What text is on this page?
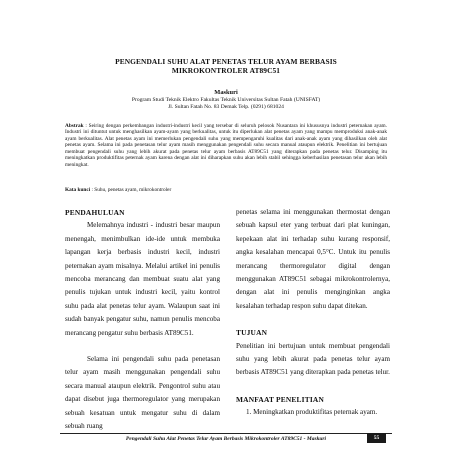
PENGENDALI SUHU ALAT PENETAS TELUR AYAM BERBASIS
MIKROKONTROLER AT89C51
Maskuri
Program Studi Teknik Elektro Fakultas Teknik Universitas Sultan Fatah (UNISFAT)
Jl. Sultan Fatah No. 83 Demak Telp. (0291) 681024
Abstrak : Seiring dengan perkembangan industri-industri kecil yang tersebar di seluruh pelosok Nusantara ini khususnya industri peternakan ayam. Industri ini dituntut untuk menghasilkan ayam-ayam yang berkualitas, untuk itu diperlukan alat penetas ayam yang mampu memproduksi anak-anak ayam berkualitas. Alat penetas ayam ini memerlukan pengendali suhu yang mempengaruhi kualitas dari anak-anak ayam yang dihasilkan oleh alat penetas ayam. Selama ini pada penetasan telur ayam masih menggunakan pengendali suhu secara manual ataupun elektrik. Penelitian ini bertujuan membuat pengendali suhu yang lebih akurat pada penetas telur ayam berbasis AT89C51 yang diterapkan pada penetas telur. Disamping itu meningkatkan produktifitas peternak ayam karena dengan alat ini diharapkan suhu akan lebih stabil sehingga keberhasilan penetasan telur akan lebih meningkat.
Kata kunci : Suhu, penetas ayam, mikrokontroler

PENDAHULUAN

Melemahnya industri - industri besar maupun menengah, menimbulkan ide-ide untuk membuka lapangan kerja berbasis industri kecil, industri peternakan ayam misalnya. Melalui artikel ini penulis mencoba merancang dan membuat suatu alat yang penulis tujukan untuk industri kecil, yaitu kontrol suhu pada alat penetas telur ayam. Walaupun saat ini sudah banyak pengatur suhu, namun penulis mencoba merancang pengatur suhu berbasis AT89C51.

Selama ini pengendali suhu pada penetasan telur ayam masih menggunakan pengendali suhu secara manual ataupun elektrik. Pengontrol suhu atau dapat disebut juga thermoregulator yang merupakan sebuah kesatuan untuk mengatur suhu di dalam sebuah ruang

penetas selama ini menggunakan thermostat dengan sebuah kapsul eter yang terbuat dari plat kuningan, kepekaan alat ini terhadap suhu kurang responsif, angka kesalahan mencapai 0,5°C. Untuk itu penulis merancang thermoregulator digital dengan menggunakan AT89C51 sebagai mikrokontrolernya, dengan alat ini penulis menginginkan angka kesalahan terhadap respon suhu dapat ditekan.

TUJUAN

Penelitian ini bertujuan untuk membuat pengendali suhu yang lebih akurat pada penetas telur ayam berbasis AT89C51 yang diterapkan pada penetas telur.

MANFAAT PENELITIAN

1. Meningkatkan produktifitas peternak ayam.

Pengendali Suhu Alat Penetas Telur Ayam Berbasis Mikrokontroler AT89C51 - Maskuri	55
